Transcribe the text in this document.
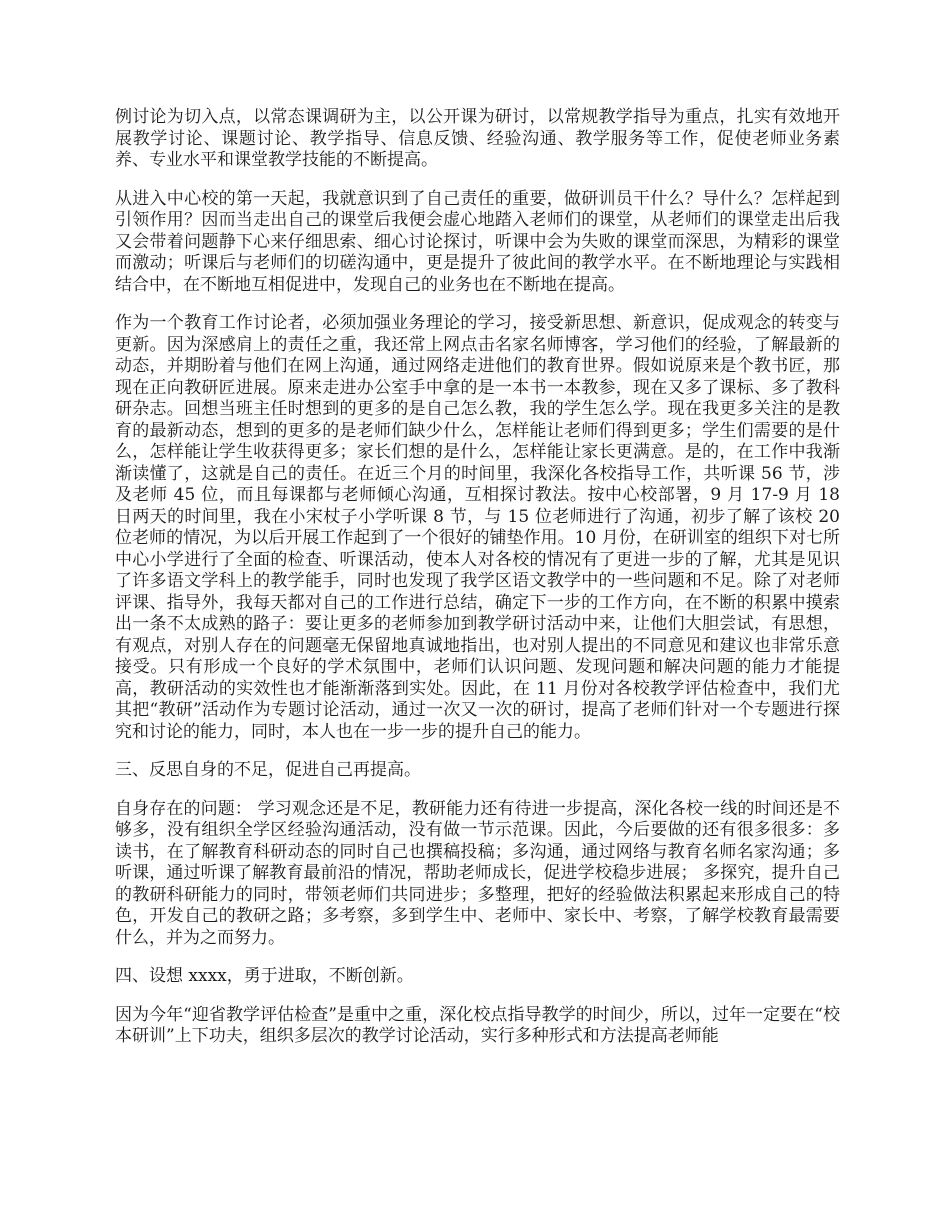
例讨论为切入点，以常态课调研为主，以公开课为研讨，以常规教学指导为重点，扎实有效地开展教学讨论、课题讨论、教学指导、信息反馈、经验沟通、教学服务等工作，促使老师业务素养、专业水平和课堂教学技能的不断提高。

从进入中心校的第一天起，我就意识到了自己责任的重要，做研训员干什么？导什么？怎样起到引领作用？因而当走出自己的课堂后我便会虚心地踏入老师们的课堂，从老师们的课堂走出后我又会带着问题静下心来仔细思索、细心讨论探讨，听课中会为失败的课堂而深思，为精彩的课堂而激动；听课后与老师们的切磋沟通中，更是提升了彼此间的教学水平。在不断地理论与实践相结合中，在不断地互相促进中，发现自己的业务也在不断地在提高。

作为一个教育工作讨论者，必须加强业务理论的学习，接受新思想、新意识，促成观念的转变与更新。因为深感肩上的责任之重，我还常上网点击名家名师博客，学习他们的经验，了解最新的动态，并期盼着与他们在网上沟通，通过网络走进他们的教育世界。假如说原来是个教书匠，那现在正向教研匠进展。原来走进办公室手中拿的是一本书一本教参，现在又多了课标、多了教科研杂志。回想当班主任时想到的更多的是自己怎么教，我的学生怎么学。现在我更多关注的是教育的最新动态，想到的更多的是老师们缺少什么，怎样能让老师们得到更多；学生们需要的是什么，怎样能让学生收获得更多；家长们想的是什么，怎样能让家长更满意。是的，在工作中我渐渐读懂了，这就是自己的责任。在近三个月的时间里，我深化各校指导工作，共听课 56 节，涉及老师 45 位，而且每课都与老师倾心沟通，互相探讨教法。按中心校部署，9 月 17-9 月 18 日两天的时间里，我在小宋杖子小学听课 8 节，与 15 位老师进行了沟通，初步了解了该校 20 位老师的情况，为以后开展工作起到了一个很好的铺垫作用。10 月份，在研训室的组织下对七所中心小学进行了全面的检查、听课活动，使本人对各校的情况有了更进一步的了解，尤其是见识了许多语文学科上的教学能手，同时也发现了我学区语文教学中的一些问题和不足。除了对老师评课、指导外，我每天都对自己的工作进行总结，确定下一步的工作方向，在不断的积累中摸索出一条不太成熟的路子：要让更多的老师参加到教学研讨活动中来，让他们大胆尝试，有思想，有观点，对别人存在的问题毫无保留地真诚地指出，也对别人提出的不同意见和建议也非常乐意接受。只有形成一个良好的学术氛围中，老师们认识问题、发现问题和解决问题的能力才能提高，教研活动的实效性也才能渐渐落到实处。因此，在 11 月份对各校教学评估检查中，我们尤其把“教研”活动作为专题讨论活动，通过一次又一次的研讨，提高了老师们针对一个专题进行探究和讨论的能力，同时，本人也在一步一步的提升自己的能力。

三、反思自身的不足，促进自己再提高。

自身存在的问题： 学习观念还是不足，教研能力还有待进一步提高，深化各校一线的时间还是不够多，没有组织全学区经验沟通活动，没有做一节示范课。因此，今后要做的还有很多很多：多读书，在了解教育科研动态的同时自己也撰稿投稿；多沟通，通过网络与教育名师名家沟通；多听课，通过听课了解教育最前沿的情况，帮助老师成长，促进学校稳步进展； 多探究，提升自己的教研科研能力的同时，带领老师们共同进步；多整理，把好的经验做法积累起来形成自己的特色，开发自己的教研之路；多考察，多到学生中、老师中、家长中、考察，了解学校教育最需要什么，并为之而努力。

四、设想 xxxx，勇于进取，不断创新。

因为今年“迎省教学评估检查”是重中之重，深化校点指导教学的时间少，所以，过年一定要在“校本研训”上下功夫，组织多层次的教学讨论活动，实行多种形式和方法提高老师能
